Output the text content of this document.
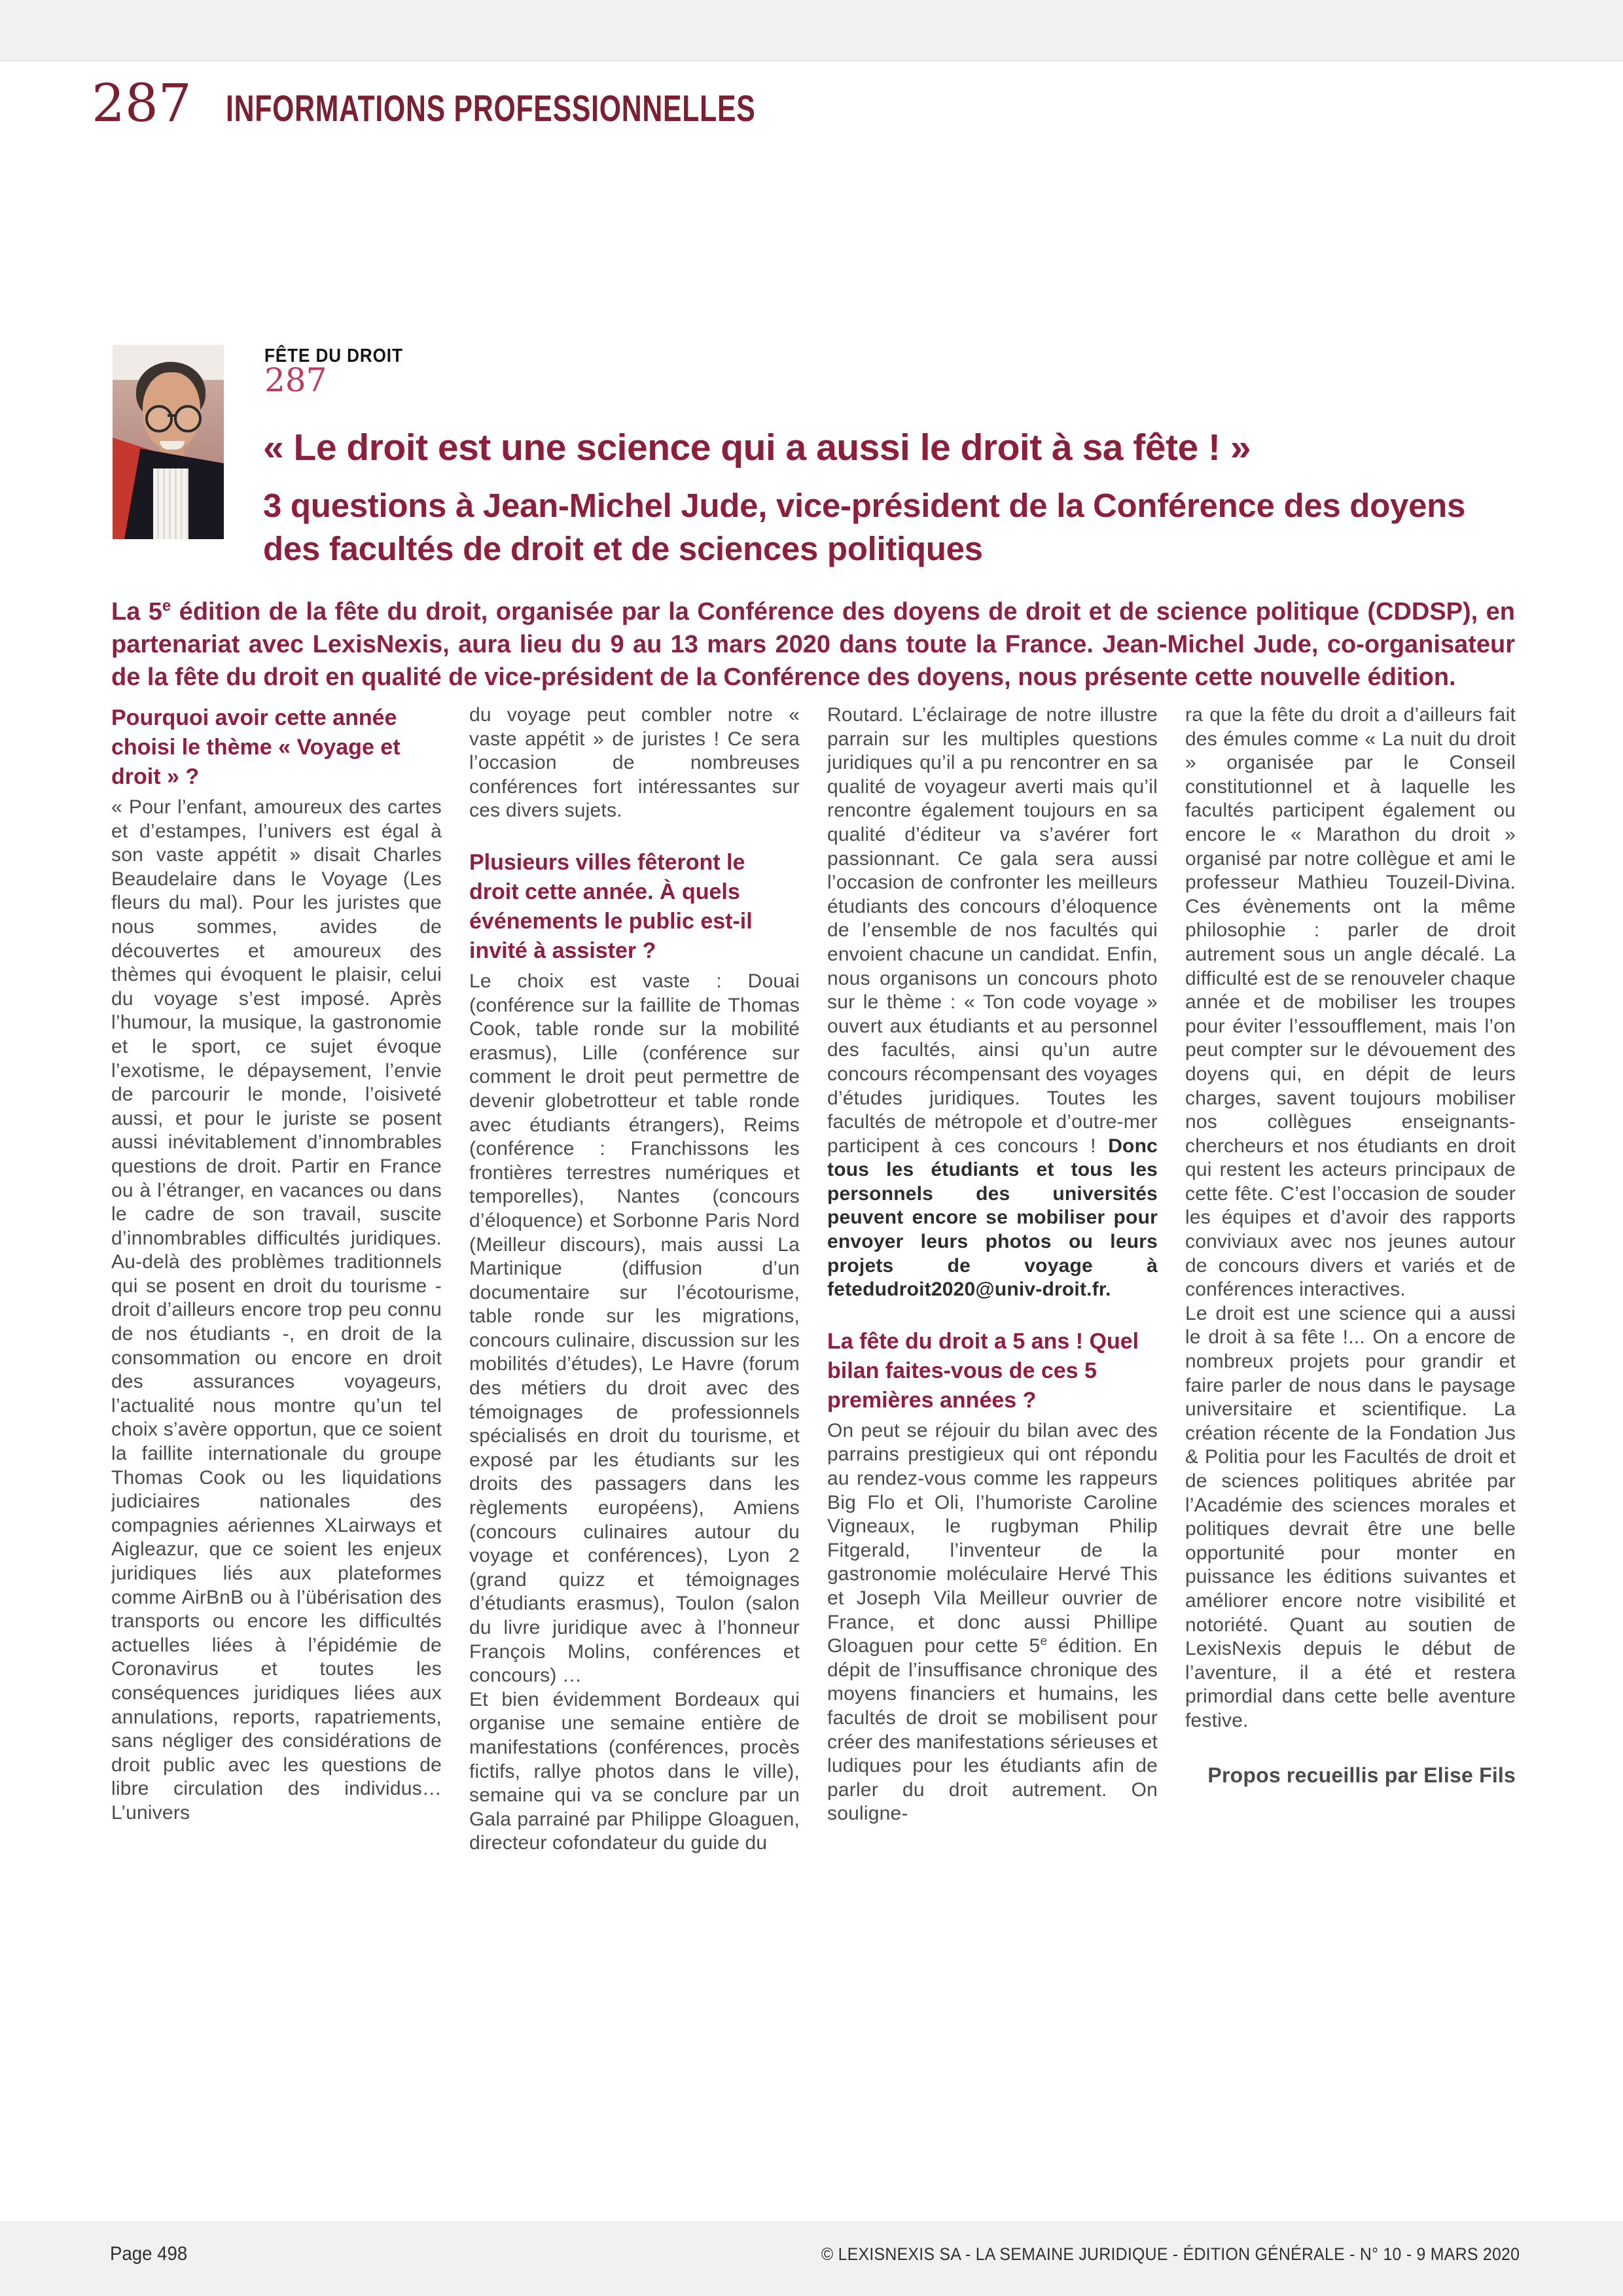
287 INFORMATIONS PROFESSIONNELLES
FÊTE DU DROIT
287
« Le droit est une science qui a aussi le droit à sa fête ! »
3 questions à Jean-Michel Jude, vice-président de la Conférence des doyens des facultés de droit et de sciences politiques

La 5e édition de la fête du droit, organisée par la Conférence des doyens de droit et de science politique (CDDSP), en partenariat avec LexisNexis, aura lieu du 9 au 13 mars 2020 dans toute la France. Jean-Michel Jude, co-organisateur de la fête du droit en qualité de vice-président de la Conférence des doyens, nous présente cette nouvelle édition.

Pourquoi avoir cette année choisi le thème « Voyage et droit » ?

« Pour l’enfant, amoureux des cartes et d’estampes, l’univers est égal à son vaste appétit » disait Charles Beaudelaire dans le Voyage (Les fleurs du mal). Pour les juristes que nous sommes, avides de découvertes et amoureux des thèmes qui évoquent le plaisir, celui du voyage s’est imposé. Après l’humour, la musique, la gastronomie et le sport, ce sujet évoque l’exotisme, le dépaysement, l’envie de parcourir le monde, l’oisiveté aussi, et pour le juriste se posent aussi inévitablement d’innombrables questions de droit. Partir en France ou à l’étranger, en vacances ou dans le cadre de son travail, suscite d’innombrables difficultés juridiques. Au-delà des problèmes traditionnels qui se posent en droit du tourisme - droit d’ailleurs encore trop peu connu de nos étudiants -, en droit de la consommation ou encore en droit des assurances voyageurs, l’actualité nous montre qu’un tel choix s’avère opportun, que ce soient la faillite internationale du groupe Thomas Cook ou les liquidations judiciaires nationales des compagnies aériennes XLairways et Aigleazur, que ce soient les enjeux juridiques liés aux plateformes comme AirBnB ou à l’übérisation des transports ou encore les difficultés actuelles liées à l’épidémie de Coronavirus et toutes les conséquences juridiques liées aux annulations, reports, rapatriements, sans négliger des considérations de droit public avec les questions de libre circulation des individus… L’univers

du voyage peut combler notre « vaste appétit » de juristes ! Ce sera l’occasion de nombreuses conférences fort intéressantes sur ces divers sujets.

Plusieurs villes fêteront le droit cette année. À quels événements le public est-il invité à assister ?

Le choix est vaste : Douai (conférence sur la faillite de Thomas Cook, table ronde sur la mobilité erasmus), Lille (conférence sur comment le droit peut permettre de devenir globetrotteur et table ronde avec étudiants étrangers), Reims (conférence : Franchissons les frontières terrestres numériques et temporelles), Nantes (concours d’éloquence) et Sorbonne Paris Nord (Meilleur discours), mais aussi La Martinique (diffusion d’un documentaire sur l’écotourisme, table ronde sur les migrations, concours culinaire, discussion sur les mobilités d’études), Le Havre (forum des métiers du droit avec des témoignages de professionnels spécialisés en droit du tourisme, et exposé par les étudiants sur les droits des passagers dans les règlements européens), Amiens (concours culinaires autour du voyage et conférences), Lyon 2 (grand quizz et témoignages d’étudiants erasmus), Toulon (salon du livre juridique avec à l’honneur François Molins, conférences et concours) …

Et bien évidemment Bordeaux qui organise une semaine entière de manifestations (conférences, procès fictifs, rallye photos dans le ville), semaine qui va se conclure par un Gala parrainé par Philippe Gloaguen, directeur cofondateur du guide du

Routard. L’éclairage de notre illustre parrain sur les multiples questions juridiques qu’il a pu rencontrer en sa qualité de voyageur averti mais qu’il rencontre également toujours en sa qualité d’éditeur va s’avérer fort passionnant. Ce gala sera aussi l’occasion de confronter les meilleurs étudiants des concours d’éloquence de l’ensemble de nos facultés qui envoient chacune un candidat. Enfin, nous organisons un concours photo sur le thème : « Ton code voyage » ouvert aux étudiants et au personnel des facultés, ainsi qu’un autre concours récompensant des voyages d’études juridiques. Toutes les facultés de métropole et d’outre-mer participent à ces concours ! Donc tous les étudiants et tous les personnels des universités peuvent encore se mobiliser pour envoyer leurs photos ou leurs projets de voyage à fetedudroit2020@univ-droit.fr.

La fête du droit a 5 ans ! Quel bilan faites-vous de ces 5 premières années ?

On peut se réjouir du bilan avec des parrains prestigieux qui ont répondu au rendez-vous comme les rappeurs Big Flo et Oli, l’humoriste Caroline Vigneaux, le rugbyman Philip Fitgerald, l’inventeur de la gastronomie moléculaire Hervé This et Joseph Vila Meilleur ouvrier de France, et donc aussi Phillipe Gloaguen pour cette 5e édition. En dépit de l’insuffisance chronique des moyens financiers et humains, les facultés de droit se mobilisent pour créer des manifestations sérieuses et ludiques pour les étudiants afin de parler du droit autrement. On souligne-

ra que la fête du droit a d’ailleurs fait des émules comme « La nuit du droit » organisée par le Conseil constitutionnel et à laquelle les facultés participent également ou encore le « Marathon du droit » organisé par notre collègue et ami le professeur Mathieu Touzeil-Divina. Ces évènements ont la même philosophie : parler de droit autrement sous un angle décalé. La difficulté est de se renouveler chaque année et de mobiliser les troupes pour éviter l’essoufflement, mais l’on peut compter sur le dévouement des doyens qui, en dépit de leurs charges, savent toujours mobiliser nos collègues enseignants-chercheurs et nos étudiants en droit qui restent les acteurs principaux de cette fête. C’est l’occasion de souder les équipes et d’avoir des rapports conviviaux avec nos jeunes autour de concours divers et variés et de conférences interactives.

Le droit est une science qui a aussi le droit à sa fête !... On a encore de nombreux projets pour grandir et faire parler de nous dans le paysage universitaire et scientifique. La création récente de la Fondation Jus & Politia pour les Facultés de droit et de sciences politiques abritée par l’Académie des sciences morales et politiques devrait être une belle opportunité pour monter en puissance les éditions suivantes et améliorer encore notre visibilité et notoriété. Quant au soutien de LexisNexis depuis le début de l’aventure, il a été et restera primordial dans cette belle aventure festive.

Propos recueillis par Elise Fils

Page 498	© LEXISNEXIS SA - LA SEMAINE JURIDIQUE - ÉDITION GÉNÉRALE - N° 10 - 9 MARS 2020
